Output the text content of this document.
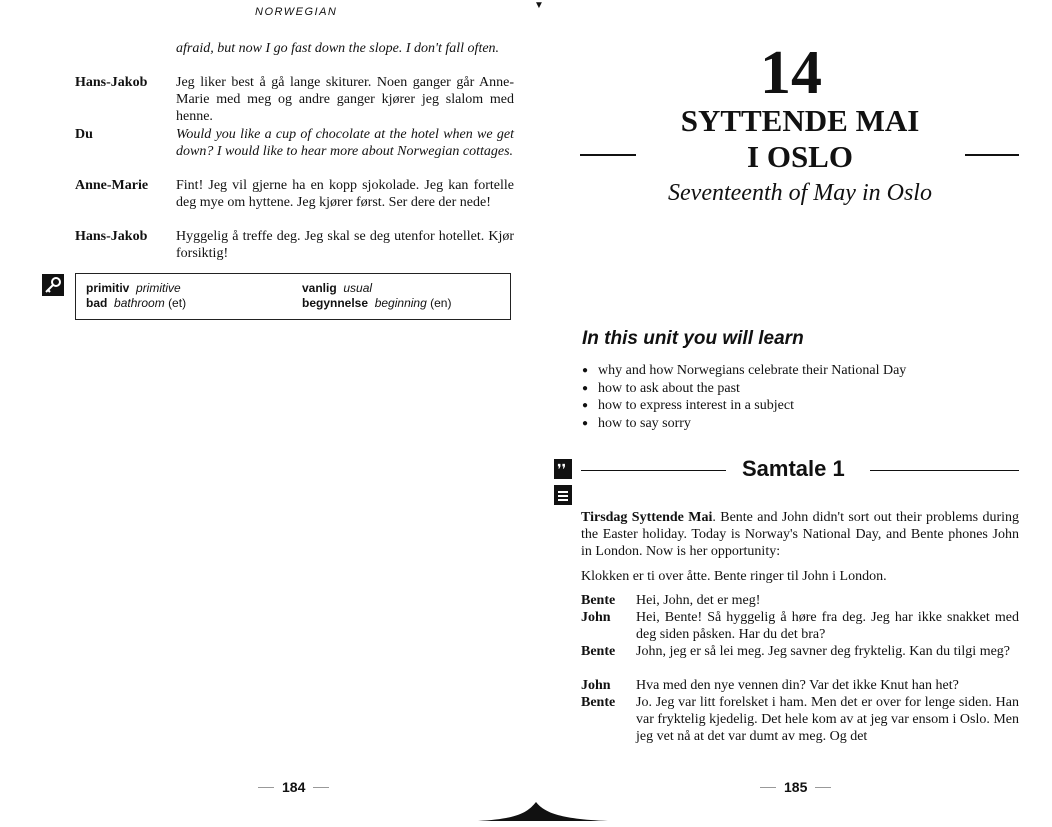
NORWEGIAN
▼
afraid, but now I go fast down the slope. I don't fall often.
Hans-Jakob Jeg liker best å gå lange skiturer. Noen ganger går Anne-Marie med meg og andre ganger kjører jeg slalom med henne.
Du	Would you like a cup of chocolate at the hotel when we get down? I would like to hear more about Norwegian cottages.
Anne-Marie Fint! Jeg vil gjerne ha en kopp sjokolade. Jeg kan fortelle deg mye om hyttene. Jeg kjører først. Ser dere der nede!
Hans-Jakob Hyggelig å treffe deg. Jeg skal se deg utenfor hotellet. Kjør forsiktig!
primitiv primitive	vanlig usual
bad bathroom (et)	begynnelse beginning (en)
184
14
SYTTENDE MAI
I OSLO
Seventeenth of May in Oslo
In this unit you will learn
● why and how Norwegians celebrate their National Day
● how to ask about the past
● how to express interest in a subject
● how to say sorry
❜❜	Samtale 1
Tirsdag Syttende Mai. Bente and John didn't sort out their problems during the Easter holiday. Today is Norway's National Day, and Bente phones John in London. Now is her opportunity:
Klokken er ti over åtte. Bente ringer til John i London.
Bente Hei, John, det er meg!
John Hei, Bente! Så hyggelig å høre fra deg. Jeg har ikke snakket med deg siden påsken. Har du det bra?
Bente John, jeg er så lei meg. Jeg savner deg fryktelig. Kan du tilgi meg?
John Hva med den nye vennen din? Var det ikke Knut han het?
Bente Jo. Jeg var litt forelsket i ham. Men det er over for lenge siden. Han var fryktelig kjedelig. Det hele kom av at jeg var ensom i Oslo. Men jeg vet nå at det var dumt av meg. Og det
185
